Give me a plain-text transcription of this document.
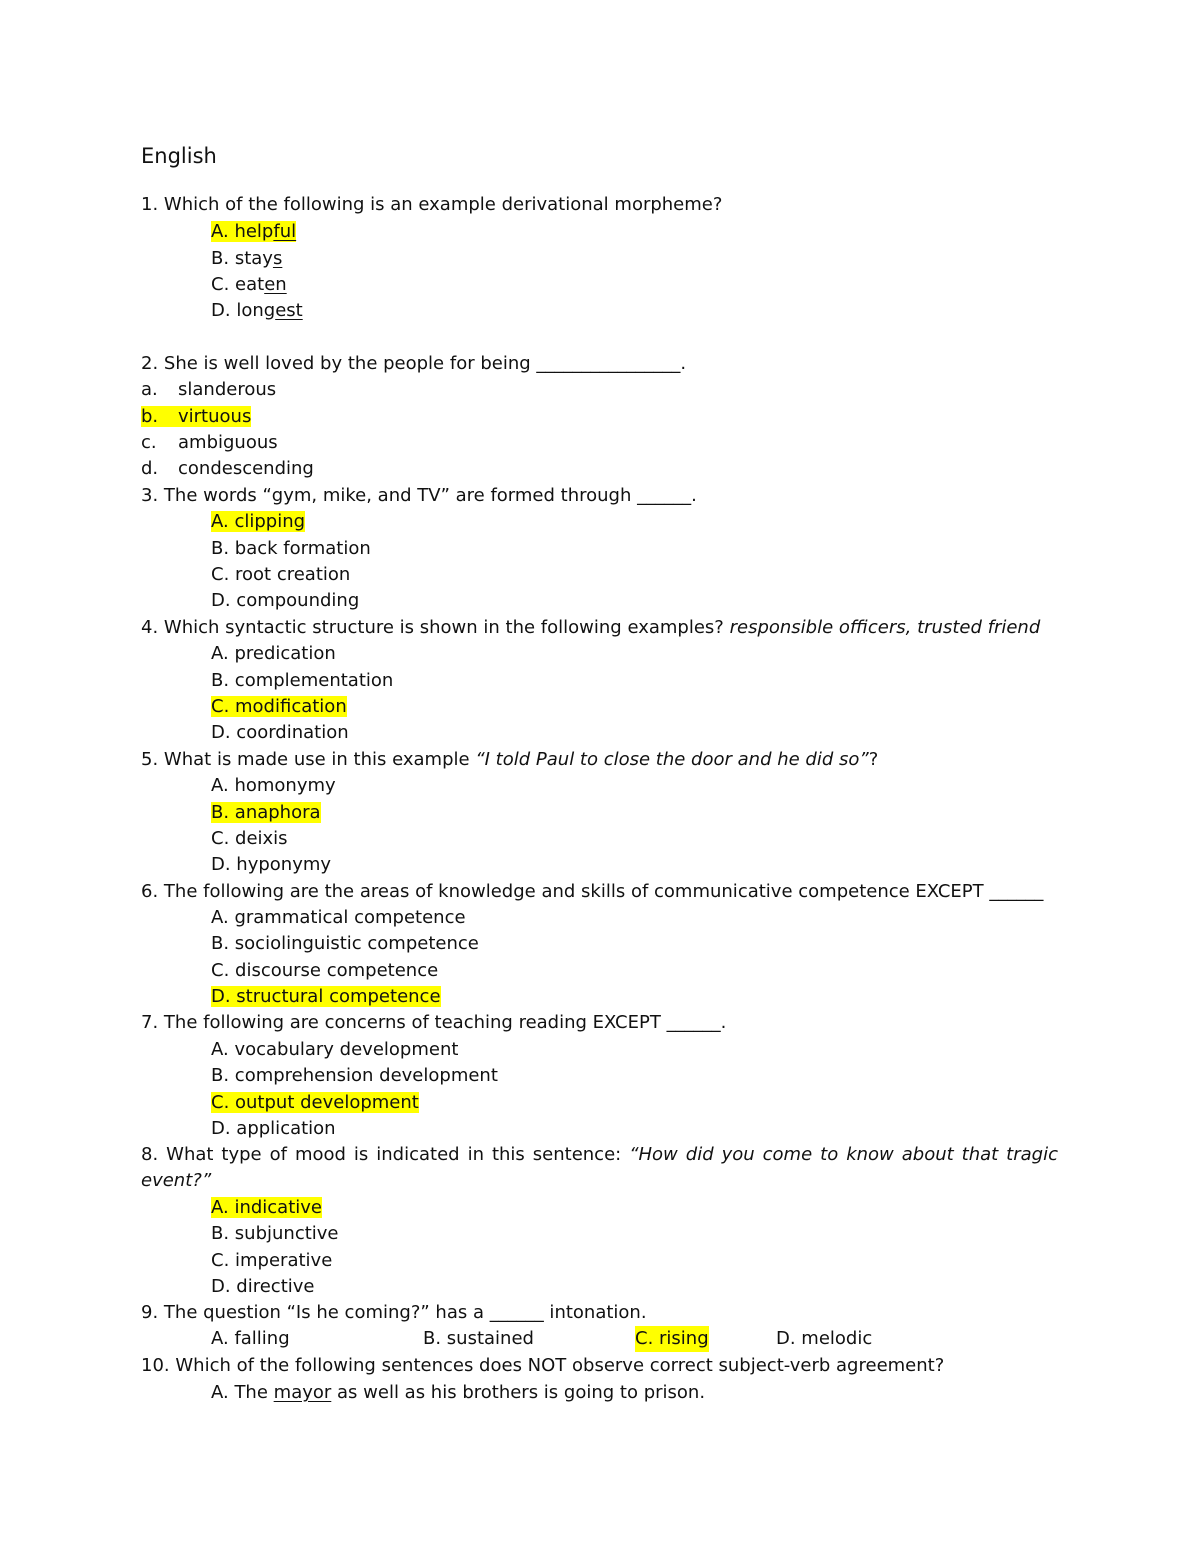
English
1. Which of the following is an example derivational morpheme?
A. helpful
B. stays
C. eaten
D. longest
2. She is well loved by the people for being ________________.
a. slanderous
b. virtuous
c. ambiguous
d. condescending
3. The words “gym, mike, and TV” are formed through ______.
A. clipping
B. back formation
C. root creation
D. compounding
4. Which syntactic structure is shown in the following examples? responsible officers, trusted friend
A. predication
B. complementation
C. modification
D. coordination
5. What is made use in this example “I told Paul to close the door and he did so”?
A. homonymy
B. anaphora
C. deixis
D. hyponymy
6. The following are the areas of knowledge and skills of communicative competence EXCEPT ______
A. grammatical competence
B. sociolinguistic competence
C. discourse competence
D. structural competence
7. The following are concerns of teaching reading EXCEPT ______.
A. vocabulary development
B. comprehension development
C. output development
D. application
8. What type of mood is indicated in this sentence: “How did you come to know about that tragic
event?”
A. indicative
B. subjunctive
C. imperative
D. directive
9. The question “Is he coming?” has a ______ intonation.
A. falling	B. sustained	C. rising	D. melodic
10. Which of the following sentences does NOT observe correct subject-verb agreement?
A. The mayor as well as his brothers is going to prison.
